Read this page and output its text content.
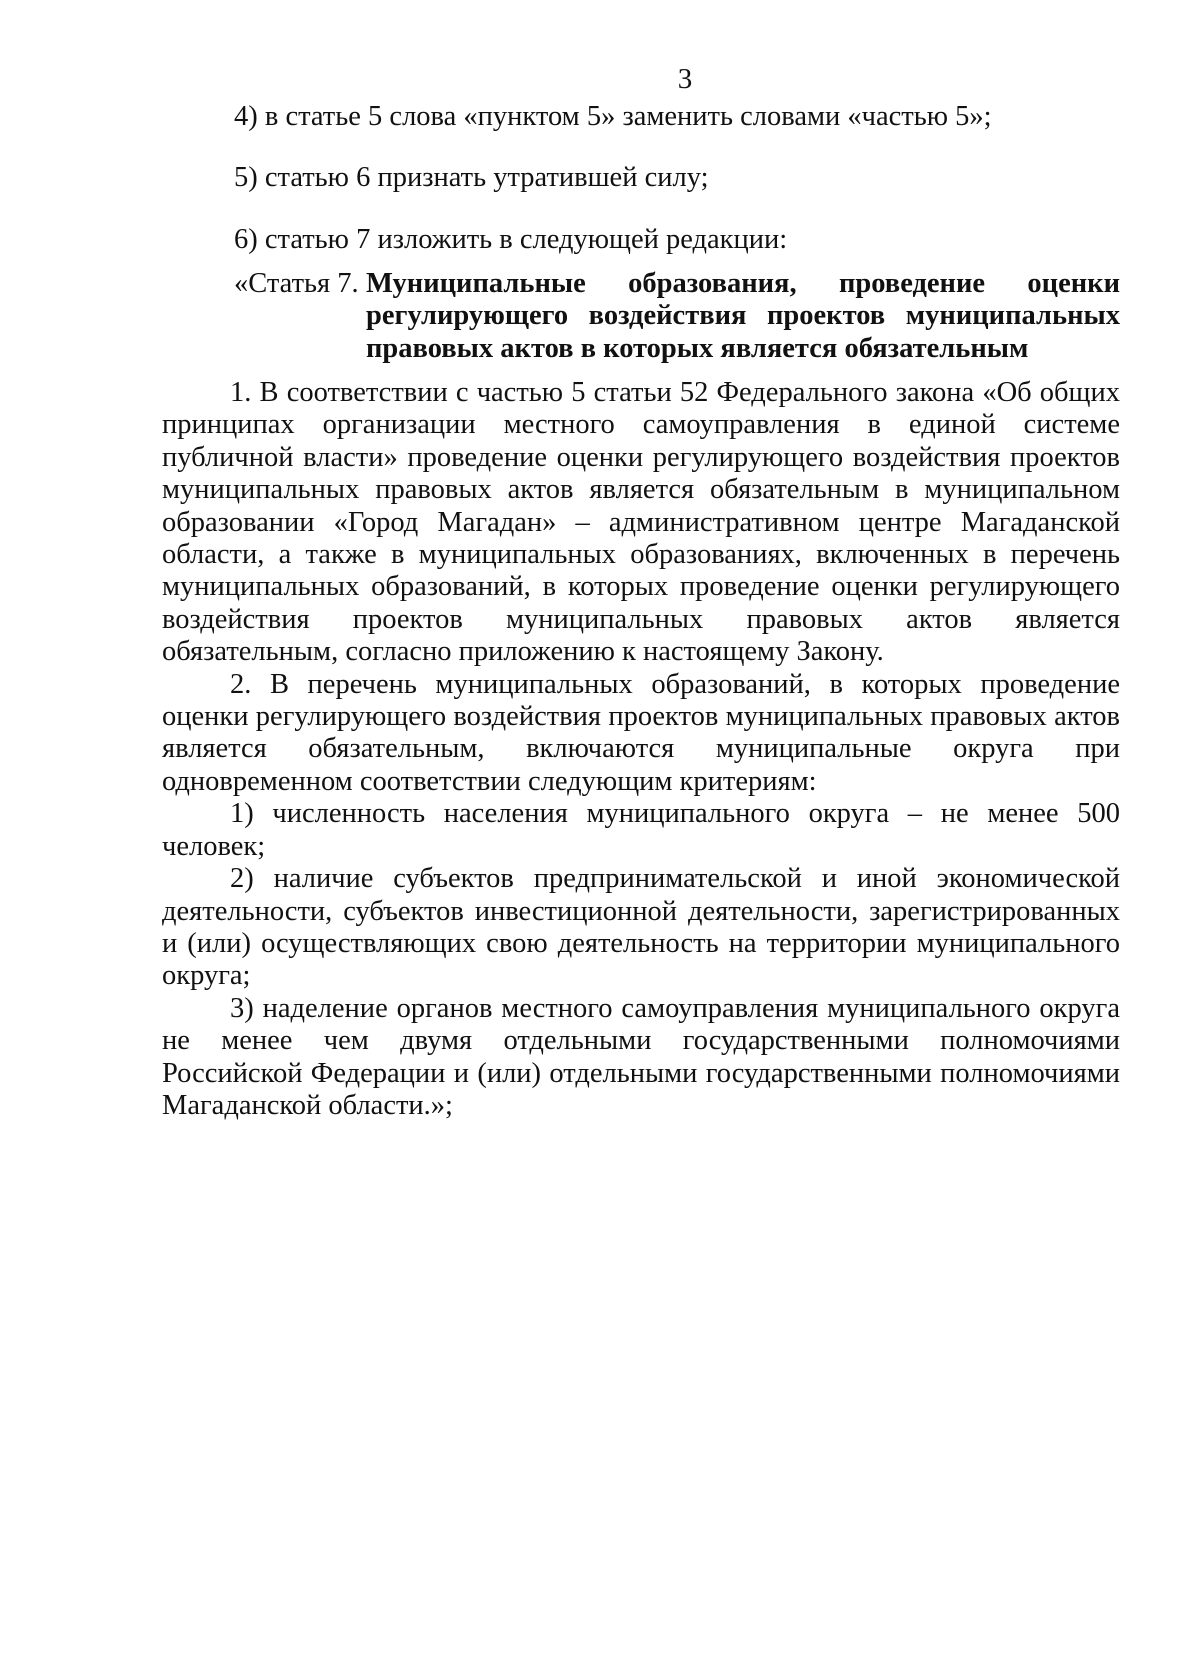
3
4) в статье 5 слова «пунктом 5» заменить словами «частью 5»;
5) статью 6 признать утратившей силу;
6) статью 7 изложить в следующей редакции:
«Статья 7. Муниципальные образования, проведение оценки регулирующего воздействия проектов муниципальных правовых актов в которых является обязательным

1. В соответствии с частью 5 статьи 52 Федерального закона «Об общих принципах организации местного самоуправления в единой системе публичной власти» проведение оценки регулирующего воздействия проектов муниципальных правовых актов является обязательным в муниципальном образовании «Город Магадан» – административном центре Магаданской области, а также в муниципальных образованиях, включенных в перечень муниципальных образований, в которых проведение оценки регулирующего воздействия проектов муниципальных правовых актов является обязательным, согласно приложению к настоящему Закону.

2. В перечень муниципальных образований, в которых проведение оценки регулирующего воздействия проектов муниципальных правовых актов является обязательным, включаются муниципальные округа при одновременном соответствии следующим критериям:

1) численность населения муниципального округа – не менее 500 человек;

2) наличие субъектов предпринимательской и иной экономической деятельности, субъектов инвестиционной деятельности, зарегистрированных и (или) осуществляющих свою деятельность на территории муниципального округа;

3) наделение органов местного самоуправления муниципального округа не менее чем двумя отдельными государственными полномочиями Российской Федерации и (или) отдельными государственными полномочиями Магаданской области.»;
